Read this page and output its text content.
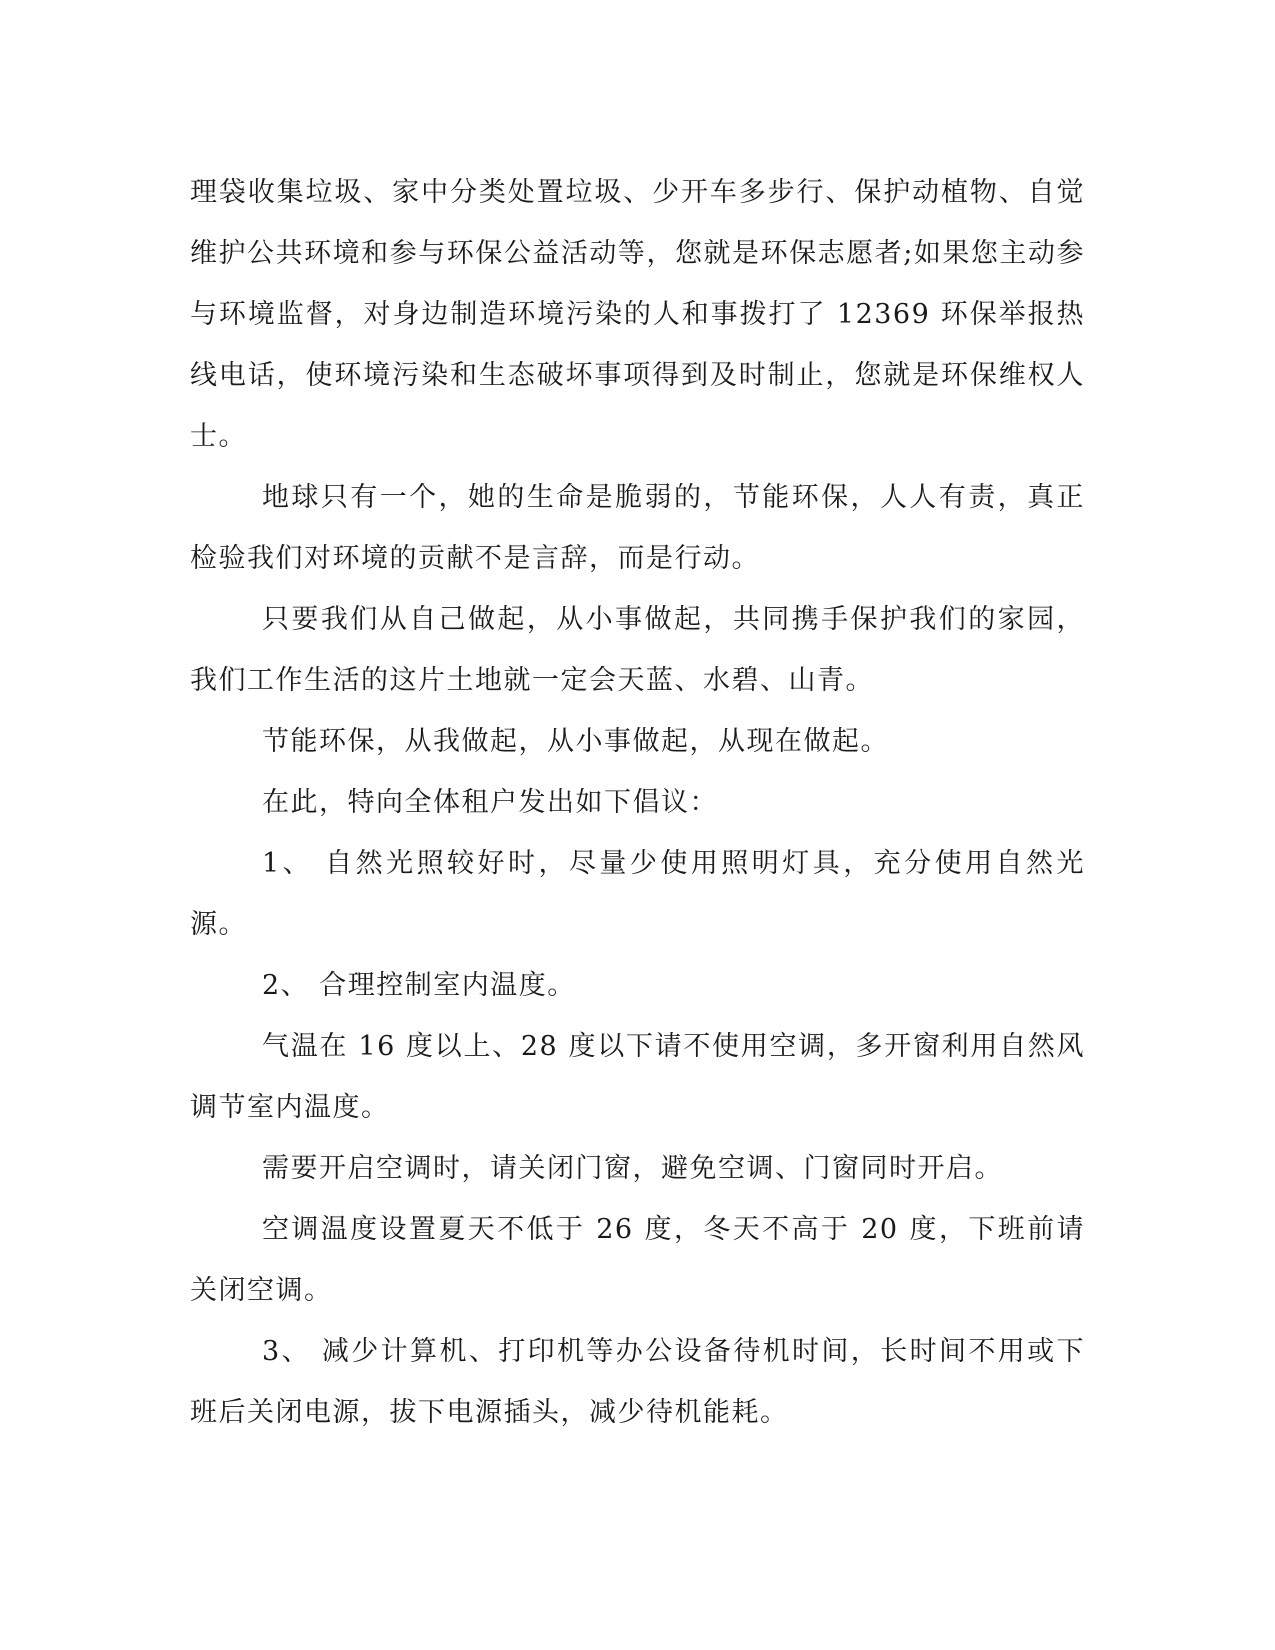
理袋收集垃圾、家中分类处置垃圾、少开车多步行、保护动植物、自觉维护公共环境和参与环保公益活动等，您就是环保志愿者;如果您主动参与环境监督，对身边制造环境污染的人和事拨打了 12369 环保举报热线电话，使环境污染和生态破坏事项得到及时制止，您就是环保维权人士。

地球只有一个，她的生命是脆弱的，节能环保，人人有责，真正检验我们对环境的贡献不是言辞，而是行动。

只要我们从自己做起，从小事做起，共同携手保护我们的家园，我们工作生活的这片土地就一定会天蓝、水碧、山青。

节能环保，从我做起，从小事做起，从现在做起。

在此，特向全体租户发出如下倡议：

1、 自然光照较好时，尽量少使用照明灯具，充分使用自然光源。

2、 合理控制室内温度。

气温在 16 度以上、28 度以下请不使用空调，多开窗利用自然风调节室内温度。

需要开启空调时，请关闭门窗，避免空调、门窗同时开启。

空调温度设置夏天不低于 26 度，冬天不高于 20 度，下班前请关闭空调。

3、 减少计算机、打印机等办公设备待机时间，长时间不用或下班后关闭电源，拔下电源插头，减少待机能耗。
